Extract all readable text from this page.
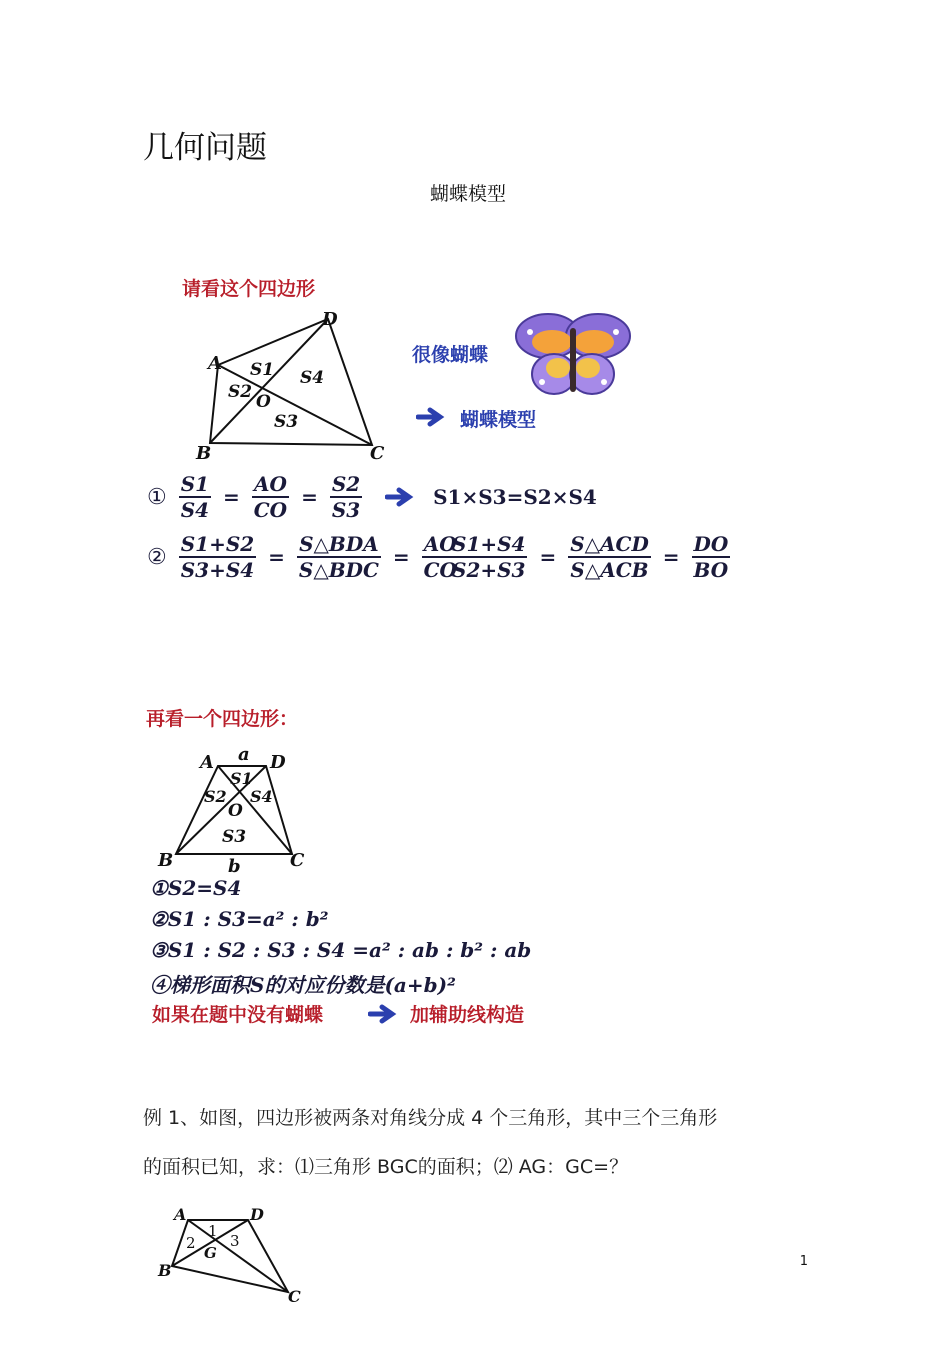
几何问题
蝴蝶模型
请看这个四边形
A
D
B	C
O
S1
S2
S3
S4
很像蝴蝶
蝴蝶模型
① $\frac{S1}{S4} = \frac{AO}{CO} = \frac{S2}{S3}$	S1×S3=S2×S4
② $\frac{S1+S2}{S3+S4} = \frac{\text{S△BDA}}{\text{S△BDC}} = \frac{AO}{CO}$
$\frac{S1+S4}{S2+S3} = \frac{\text{S△ACD}}{\text{S△ACB}} = \frac{DO}{BO}$
再看一个四边形：
A a D
S1
S2 S4
O
S3
B	b	C
①S2=S4
②S1 : S3=a² : b²
③S1 : S2 : S3 : S4 =a² : ab : b² : ab
④梯形面积S的对应份数是(a+b)²
如果在题中没有蝴蝶	加辅助线构造
例 1、如图，四边形被两条对角线分成 4 个三角形，其中三个三角形
的面积已知，求：⑴三角形 BGC的面积；⑵ AG：GC=？
A	D
B
C
G
1
2 3
1
